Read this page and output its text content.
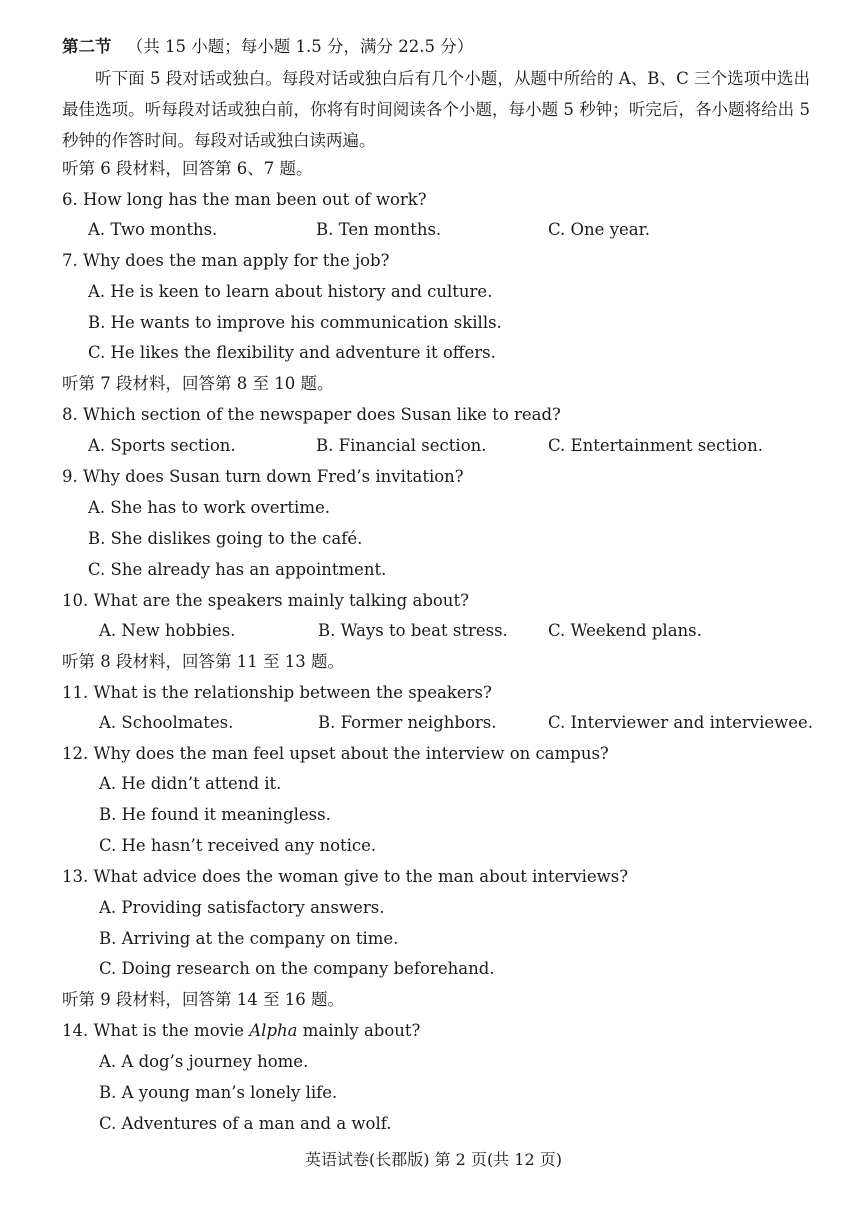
第二节 （共 15 小题；每小题 1.5 分，满分 22.5 分）
听下面 5 段对话或独白。每段对话或独白后有几个小题，从题中所给的 A、B、C 三个选项中选出最佳选项。听每段对话或独白前，你将有时间阅读各个小题，每小题 5 秒钟；听完后，各小题将给出 5 秒钟的作答时间。每段对话或独白读两遍。
听第 6 段材料，回答第 6、7 题。
6. How long has the man been out of work?
A. Two months.	B. Ten months.	C. One year.
7. Why does the man apply for the job?
A. He is keen to learn about history and culture.
B. He wants to improve his communication skills.
C. He likes the flexibility and adventure it offers.
听第 7 段材料，回答第 8 至 10 题。
8. Which section of the newspaper does Susan like to read?
A. Sports section.	B. Financial section.	C. Entertainment section.
9. Why does Susan turn down Fred’s invitation?
A. She has to work overtime.
B. She dislikes going to the café.
C. She already has an appointment.
10. What are the speakers mainly talking about?
A. New hobbies.	B. Ways to beat stress. C. Weekend plans.
听第 8 段材料，回答第 11 至 13 题。
11. What is the relationship between the speakers?
A. Schoolmates.	B. Former neighbors.	C. Interviewer and interviewee.
12. Why does the man feel upset about the interview on campus?
A. He didn’t attend it.
B. He found it meaningless.
C. He hasn’t received any notice.
13. What advice does the woman give to the man about interviews?
A. Providing satisfactory answers.
B. Arriving at the company on time.
C. Doing research on the company beforehand.
听第 9 段材料，回答第 14 至 16 题。
14. What is the movie Alpha mainly about?
A. A dog’s journey home.
B. A young man’s lonely life.
C. Adventures of a man and a wolf.
英语试卷(长郡版) 第 2 页(共 12 页)
